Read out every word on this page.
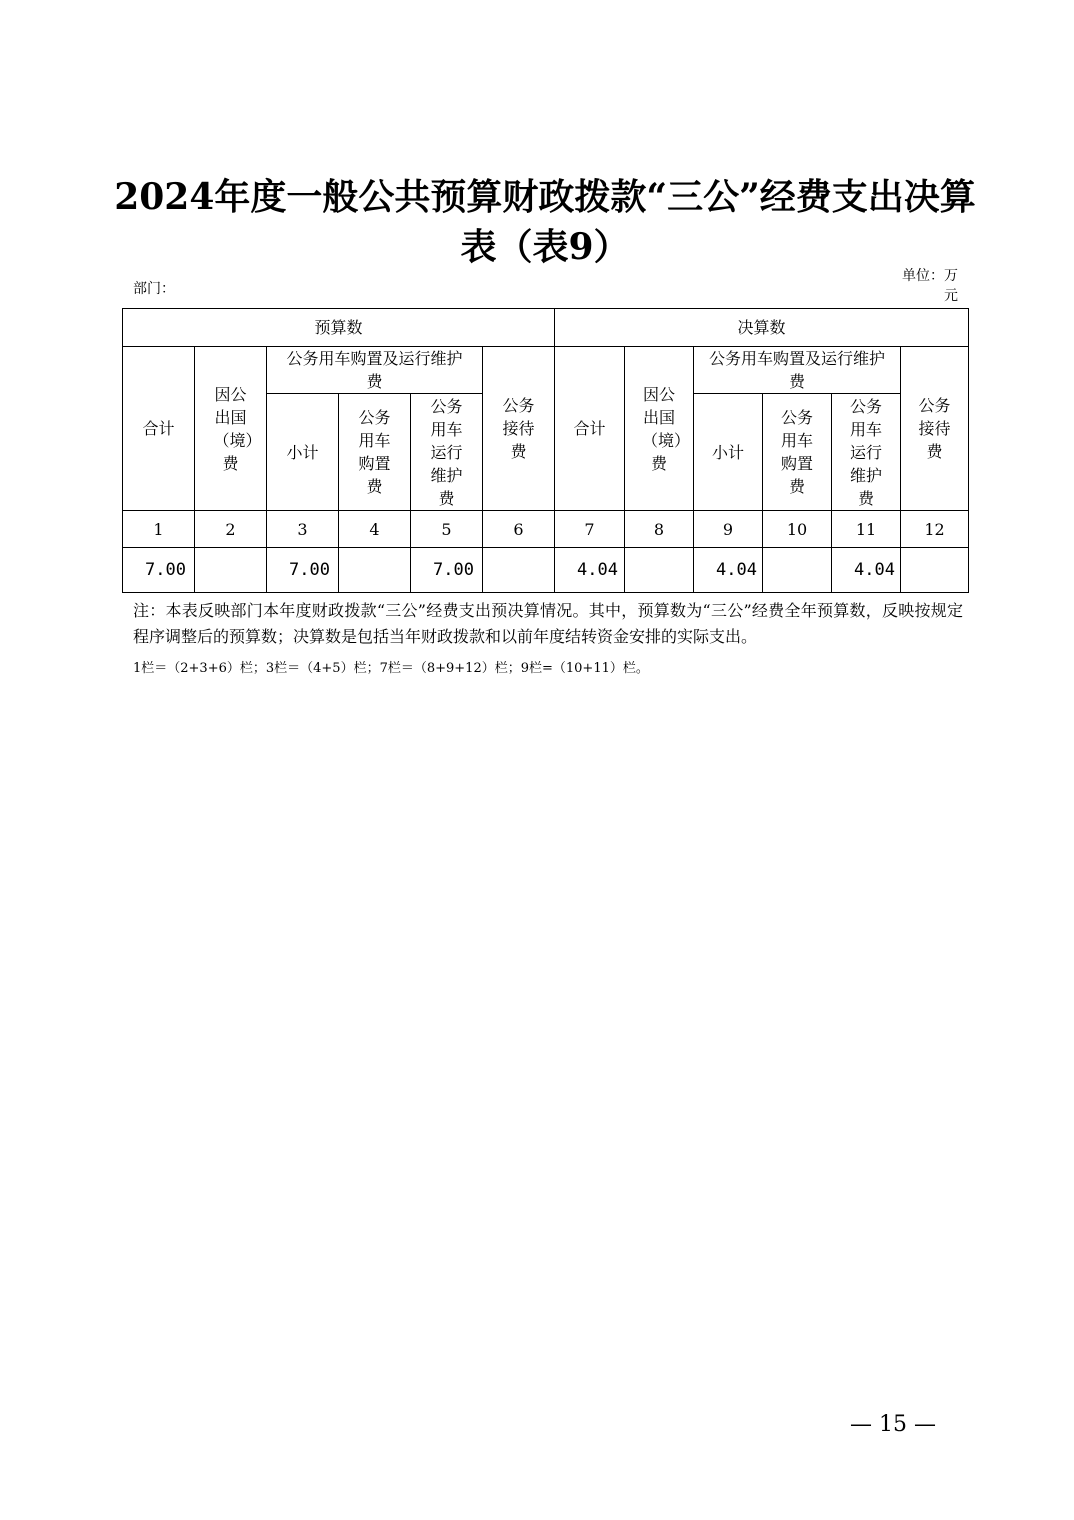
2024年度一般公共预算财政拨款“三公”经费支出决算表（表9）
部门：
单位：万元
预算数						决算数					
合计	因公出国（境）费	公务用车购置及运行维护费			公务接待费	合计	因公出国（境）费	公务用车购置及运行维护费			公务接待费
		小计	公务用车购置费	公务用车运行维护费				小计	公务用车购置费	公务用车运行维护费	
1	2	3	4	5	6	7	8	9	10	11	12
7.00		7.00		7.00		4.04		4.04		4.04	
注：本表反映部门本年度财政拨款“三公”经费支出预决算情况。其中，预算数为“三公”经费全年预算数，反映按规定程序调整后的预算数；决算数是包括当年财政拨款和以前年度结转资金安排的实际支出。
1栏＝（2+3+6）栏；3栏＝（4+5）栏；7栏＝（8+9+12）栏；9栏=（10+11）栏。
— 15 —
